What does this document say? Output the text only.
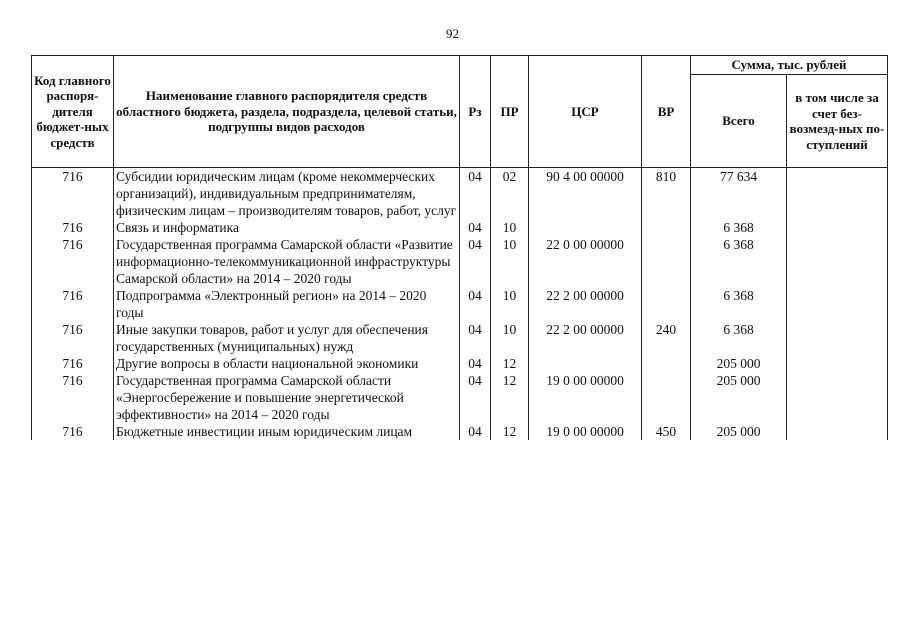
92
Код главного распоря-дителя бюджет-ных средств	Наименование главного распорядителя средств областного бюджета, раздела, подраздела, целевой статьи, подгруппы видов расходов	Рз	ПР	ЦСР	ВР	Сумма, тыс. рублей	
						Всего	в том числе за счет без-возмезд-ных по-ступлений
716	Субсидии юридическим лицам (кроме некоммерческих организаций), индивидуальным предпринимателям, физическим лицам – производителям товаров, работ, услуг	04	02	90 4 00 00000	810	77 634	
716	Связь и информатика	04	10			6 368	
716	Государственная программа Самарской области «Развитие информационно-телекоммуникационной инфраструктуры Самарской области» на 2014 – 2020 годы	04	10	22 0 00 00000		6 368	
716	Подпрограмма «Электронный регион» на 2014 – 2020 годы	04	10	22 2 00 00000		6 368	
716	Иные закупки товаров, работ и услуг для обеспечения государственных (муниципальных) нужд	04	10	22 2 00 00000	240	6 368	
716	Другие вопросы в области национальной экономики	04	12			205 000	
716	Государственная программа Самарской области «Энергосбережение и повышение энергетической эффективности» на 2014 – 2020 годы	04	12	19 0 00 00000		205 000	
716	Бюджетные инвестиции иным юридическим лицам	04	12	19 0 00 00000	450	205 000	
